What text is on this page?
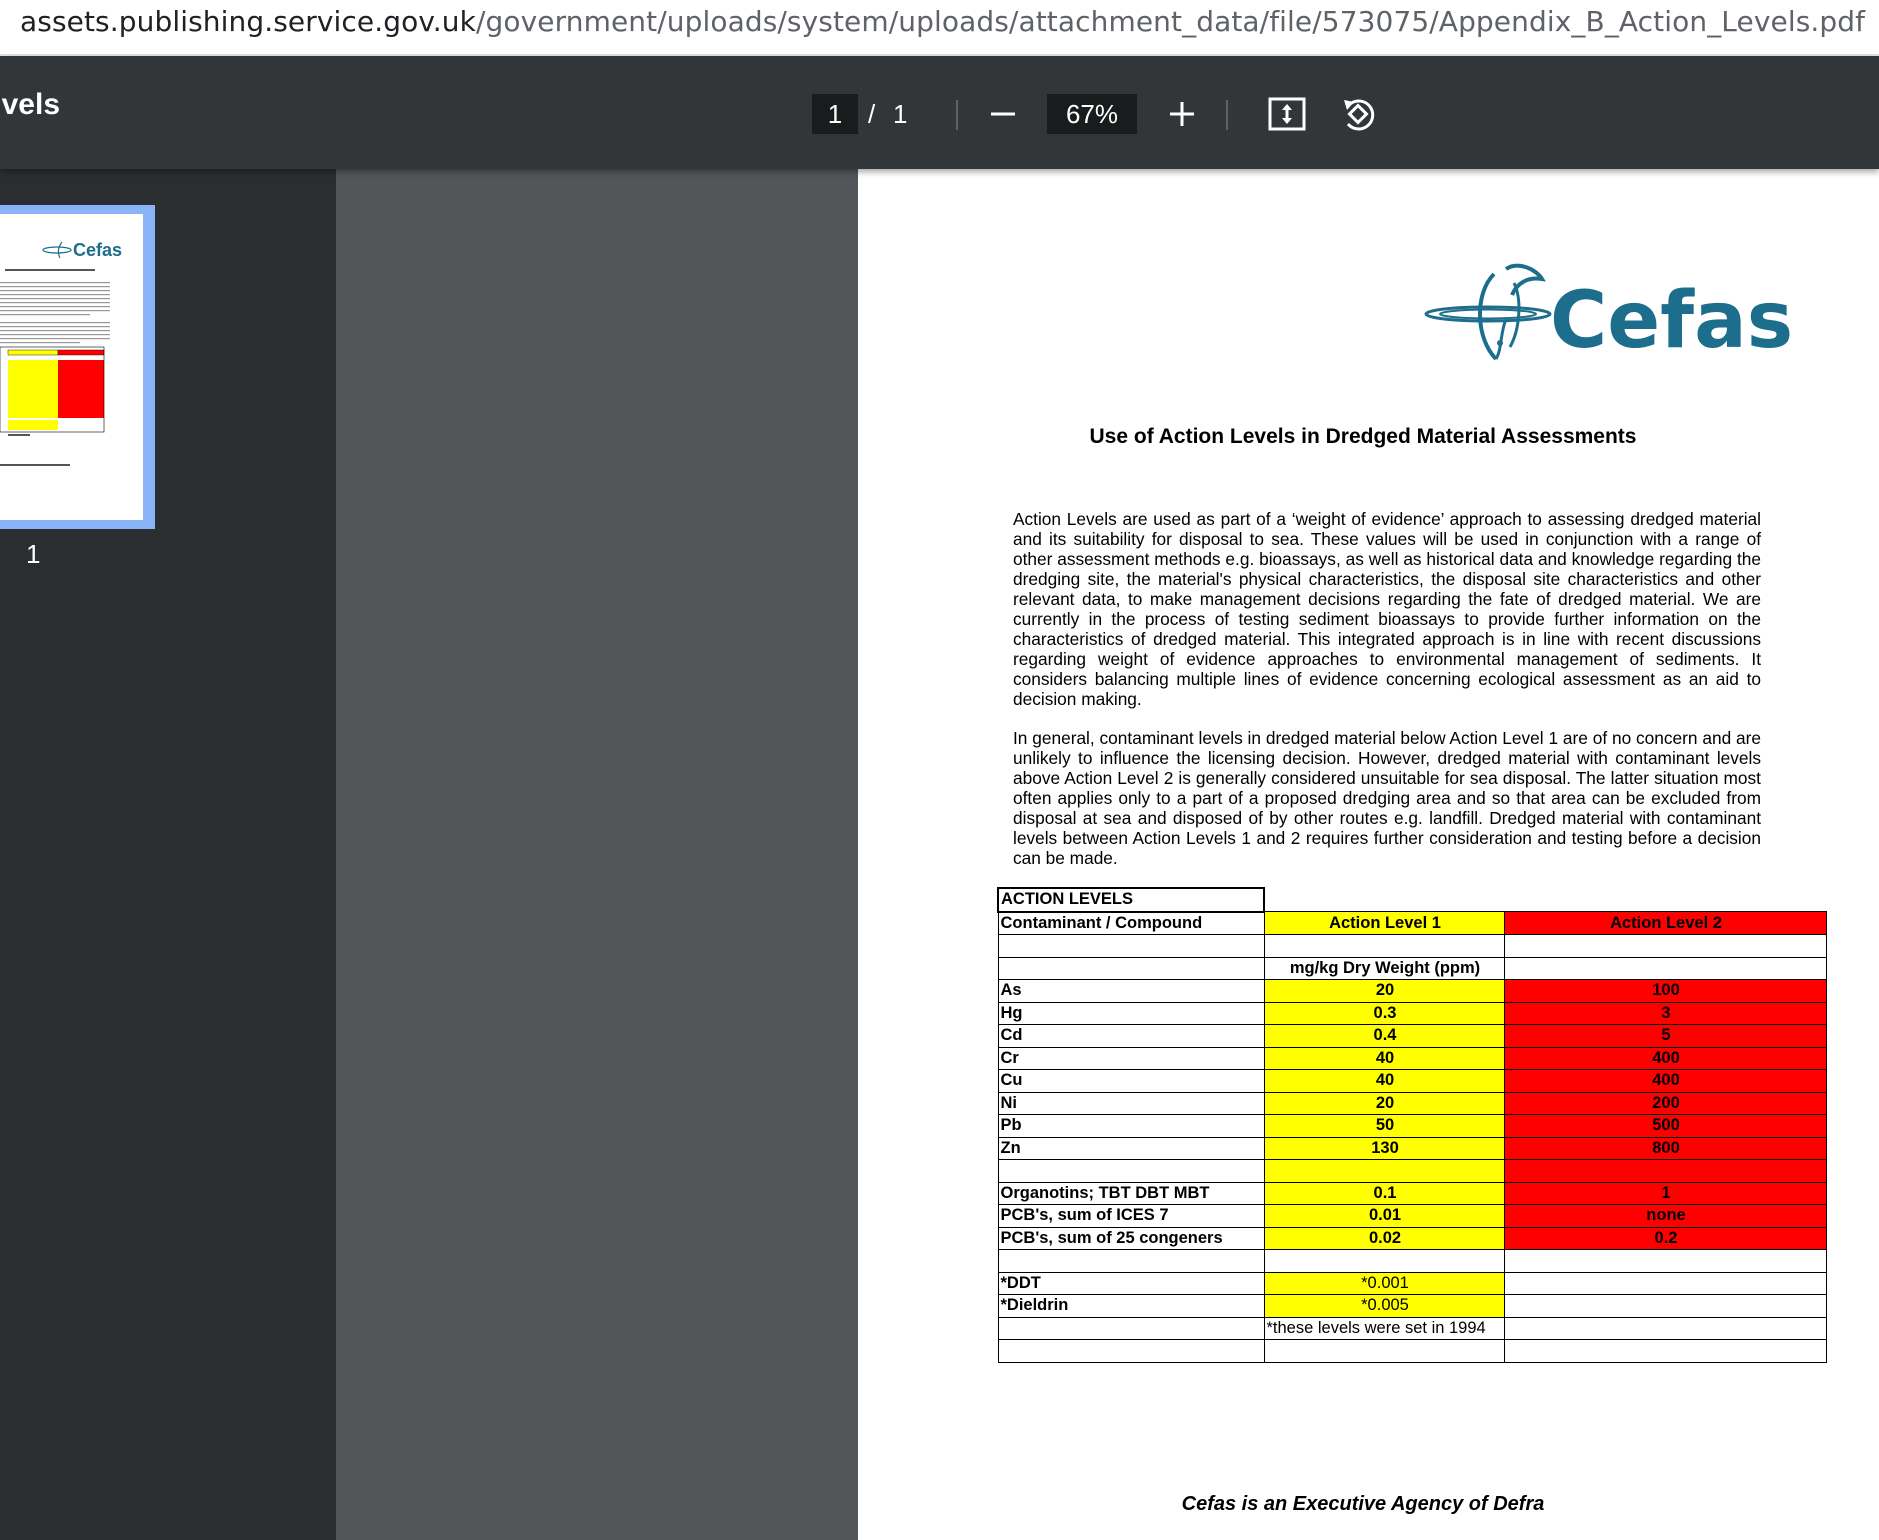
assets.publishing.service.gov.uk/government/uploads/system/uploads/attachment_data/file/573075/Appendix_B_Action_Levels.pdf
vels	1 / 1	67%
Cefas
1
Cefas
Use of Action Levels in Dredged Material Assessments
Action Levels are used as part of a ‘weight of evidence’ approach to assessing dredged material and its suitability for disposal to sea. These values will be used in conjunction with a range of other assessment methods e.g. bioassays, as well as historical data and knowledge regarding the dredging site, the material's physical characteristics, the disposal site characteristics and other relevant data, to make management decisions regarding the fate of dredged material. We are currently in the process of testing sediment bioassays to provide further information on the characteristics of dredged material. This integrated approach is in line with recent discussions regarding weight of evidence approaches to environmental management of sediments. It considers balancing multiple lines of evidence concerning ecological assessment as an aid to decision making.
In general, contaminant levels in dredged material below Action Level 1 are of no concern and are unlikely to influence the licensing decision. However, dredged material with contaminant levels above Action Level 2 is generally considered unsuitable for sea disposal. The latter situation most often applies only to a part of a proposed dredging area and so that area can be excluded from disposal at sea and disposed of by other routes e.g. landfill. Dredged material with contaminant levels between Action Levels 1 and 2 requires further consideration and testing before a decision can be made.
ACTION LEVELS		
Contaminant / Compound	Action Level 1	Action Level 2

	mg/kg Dry Weight (ppm)	
As	20	100
Hg	0.3	3
Cd	0.4	5
Cr	40	400
Cu	40	400
Ni	20	200
Pb	50	500
Zn	130	800

Organotins; TBT DBT MBT	0.1	1
PCB's, sum of ICES 7	0.01	none
PCB's, sum of 25 congeners	0.02	0.2

*DDT	*0.001	
*Dieldrin	*0.005	
	*these levels were set in 1994	

Cefas is an Executive Agency of Defra
